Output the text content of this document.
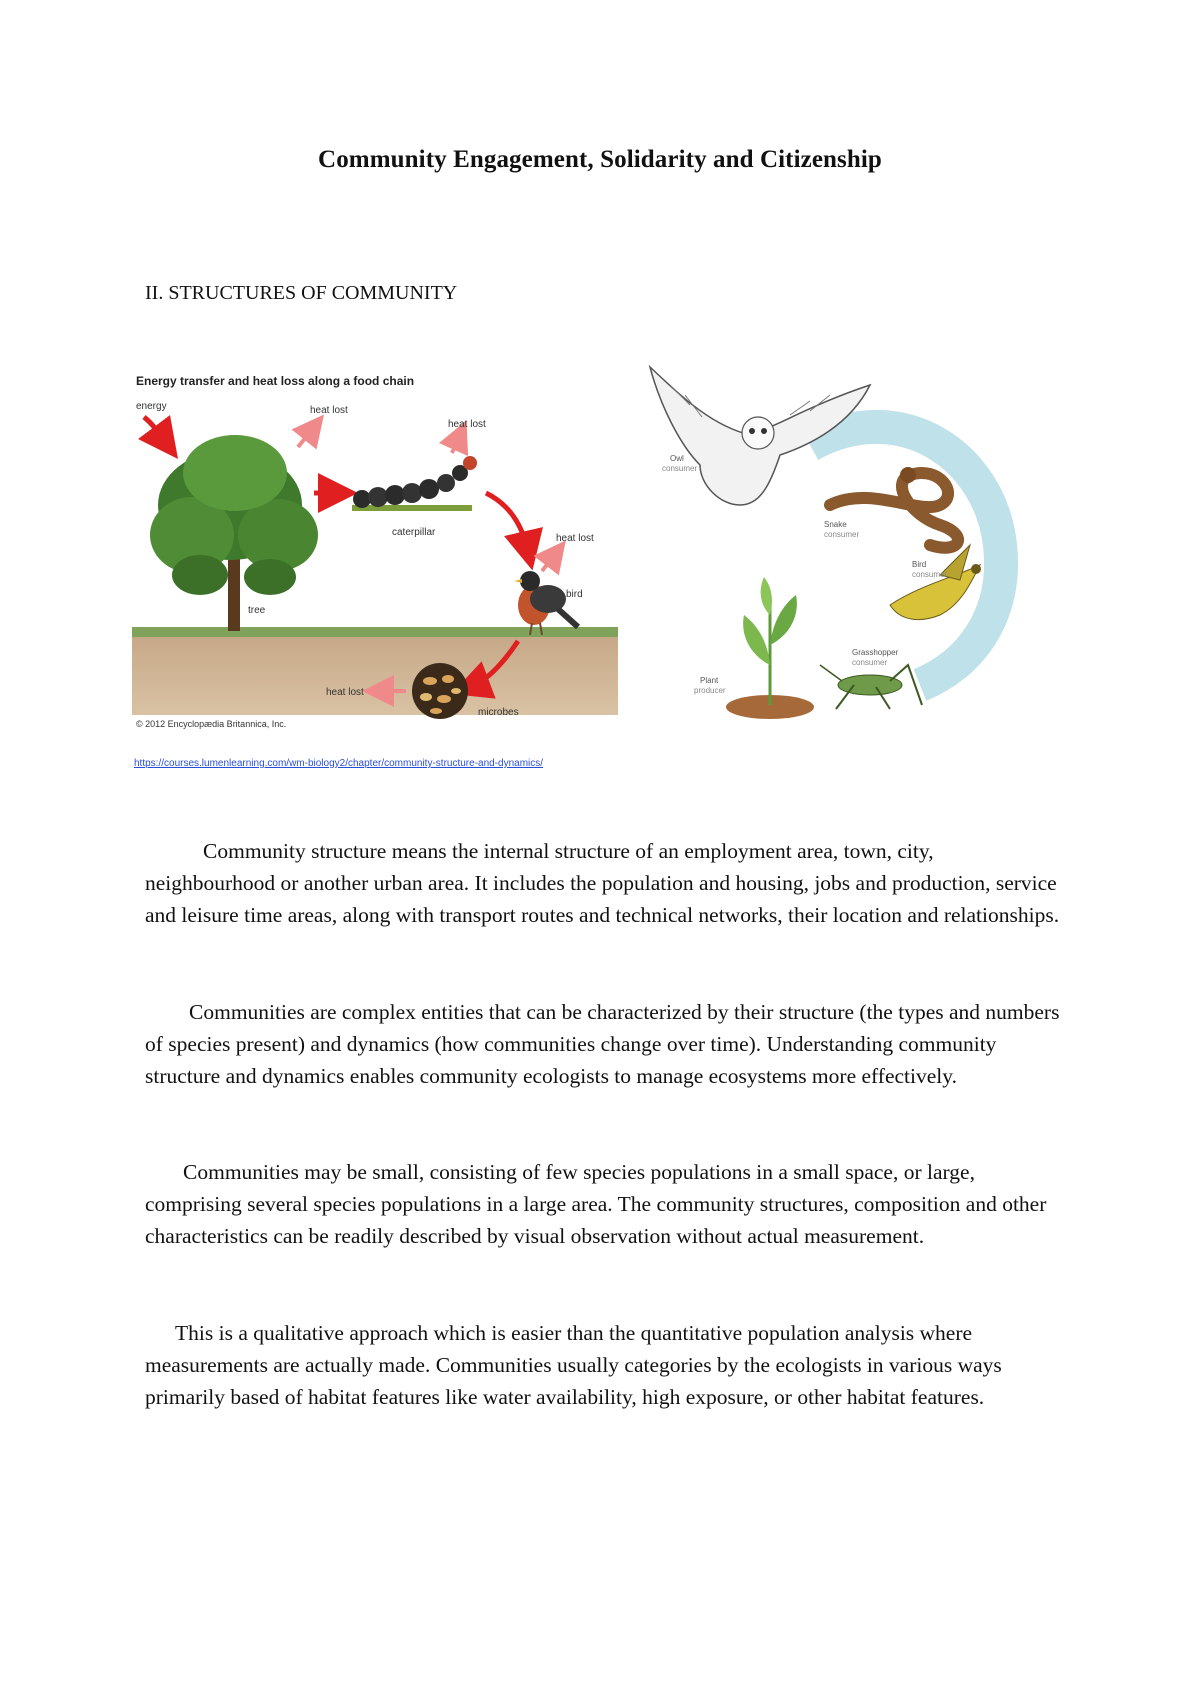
Community Engagement, Solidarity and Citizenship
II. STRUCTURES OF COMMUNITY
Energy transfer and heat loss along a food chain
energy
tree
heat lost
caterpillar
heat lost
heat lost
bird
microbes
heat lost
© 2012 Encyclopædia Britannica, Inc.
https://courses.lumenlearning.com/wm-biology2/chapter/community-structure-and-dynamics/
Owl
consumer
Snake
consumer
Bird
consumer
Grasshopper
consumer
Plant
producer
Community structure means the internal structure of an employment area, town, city, neighbourhood or another urban area. It includes the population and housing, jobs and production, service and leisure time areas, along with transport routes and technical networks, their location and relationships.
Communities are complex entities that can be characterized by their structure (the types and numbers of species present) and dynamics (how communities change over time). Understanding community structure and dynamics enables community ecologists to manage ecosystems more effectively.
Communities may be small, consisting of few species populations in a small space, or large, comprising several species populations in a large area. The community structures, composition and other characteristics can be readily described by visual observation without actual measurement.
This is a qualitative approach which is easier than the quantitative population analysis where measurements are actually made. Communities usually categories by the ecologists in various ways primarily based of habitat features like water availability, high exposure, or other habitat features.
